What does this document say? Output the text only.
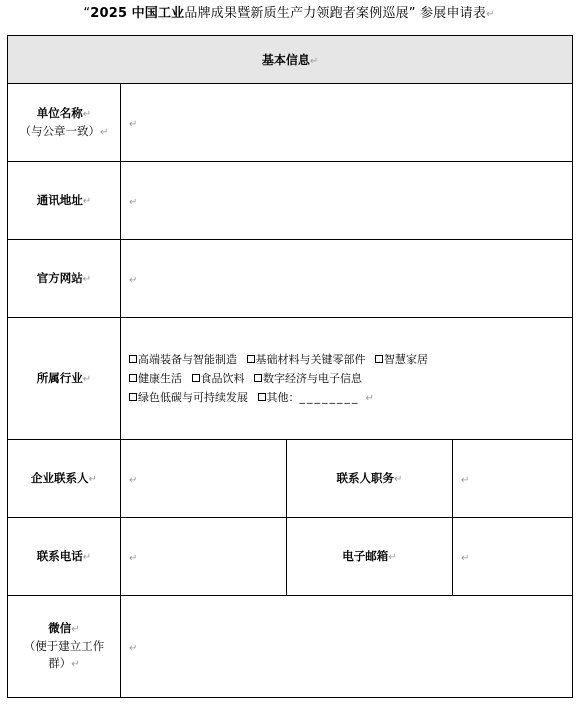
“2025 中国工业品牌成果暨新质生产力领跑者案例巡展” 参展申请表↵
基本信息↵			
单位名称↵
（与公章一致）↵	↵		
通讯地址↵	↵		
官方网站↵	↵		
所属行业↵	高端装备与智能制造 基础材料与关键零部件 智慧家居
健康生活 食品饮料 数字经济与电子信息
绿色低碳与可持续发展 其他：________ ↵		

企业联系人↵	↵	联系人职务↵	↵
联系电话↵	↵	电子邮箱↵	↵
微信↵
（便于建立工作
群）↵	↵		
